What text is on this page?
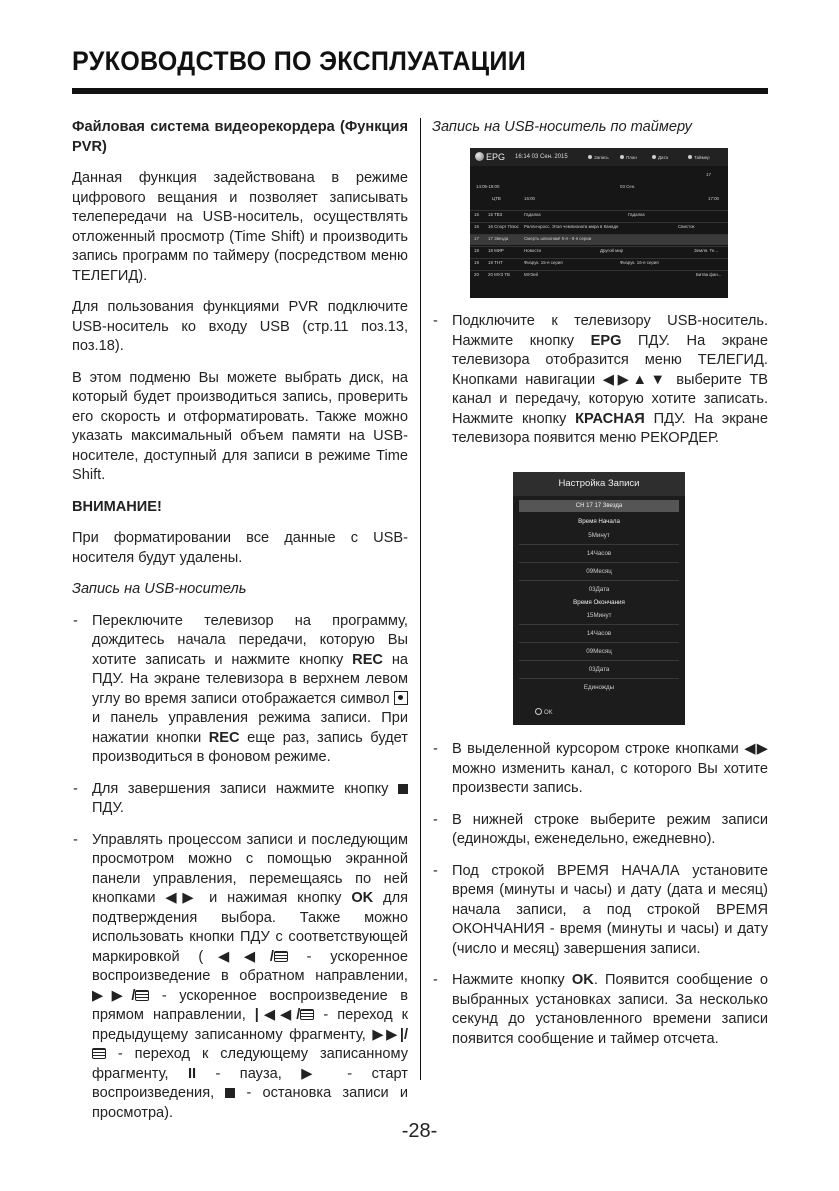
РУКОВОДСТВО ПО ЭКСПЛУАТАЦИИ

Файловая система видеорекордера (Функция PVR)

Данная функция задействована в режиме цифрового вещания и позволяет записывать телепередачи на USB-носитель, осуществлять отложенный просмотр (Time Shift) и производить запись программ по таймеру (посредством меню ТЕЛЕГИД).

Для пользования функциями PVR подключите USB-носитель ко входу USB (стр.11 поз.13, поз.18).

В этом подменю Вы можете выбрать диск, на который будет производиться запись, проверить его скорость и отформатировать. Также можно указать максимальный объем памяти на USB-носителе, доступный для записи в режиме Time Shift.

ВНИМАНИЕ!

При форматировании все данные с USB-носителя будут удалены.

Запись на USB-носитель

- Переключите телевизор на программу, дождитесь начала передачи, которую Вы хотите записать и нажмите кнопку REC на ПДУ. На экране телевизора в верхнем левом углу во время записи отображается символ  и панель управления режима записи. При нажатии кнопки REC еще раз, запись будет производиться в фоновом режиме.
- Для завершения записи нажмите кнопку  ПДУ.
- Управлять процессом записи и последующим просмотром можно с помощью экранной панели управления, перемещаясь по ней кнопками ◀▶ и нажимая кнопку OK для подтверждения выбора. Также можно использовать кнопки ПДУ с соответствующей маркировкой (◀◀/ - ускоренное воспроизведение в обратном направлении, ▶▶/ - ускоренное воспроизведение в прямом направлении, |◀◀/ - переход к предыдущему записанному фрагменту, ▶▶|/ - переход к следующему записанному фрагменту, II - пауза, ▶ - старт воспроизведения,  - остановка записи и просмотра).

Запись на USB-носитель по таймеру

EPG 16:14 03 Сен. 2015	Запись	План	Дата	Таймер
17
14:05-18:00	03 Сен.
ЦТВ	16:00	17:00
15 15 ТВ3	Гадалка	Гадалка
16 16 Спорт Плюс Ралли-кросс. Этап чемпионата мира в Канаде	Свисток
17 17 Звезда	Смерть шпионам! 5-я - 8-я серии
18 18 МИР	Новости	Другой мир	Земля. Те...
19 19 ТНТ	Физрук. 15-я серия	Физрук. 16-я серия
20 20 МУЗ ТВ	МУЗей	Битва фан...
- Подключите к телевизору USB-носитель. Нажмите кнопку EPG ПДУ. На экране телевизора отобразится меню ТЕЛЕГИД. Кнопками навигации ◀▶▲▼ выберите ТВ канал и передачу, которую хотите записать. Нажмите кнопку КРАСНАЯ ПДУ. На экране телевизора появится меню РЕКОРДЕР.
Настройка Записи
CH 17 17 Звезда
Время Начала
5Минут
14Часов
09Месяц
03Дата
Время Окончания
15Минут
14Часов
09Месяц
03Дата
Единожды
OK
- В выделенной курсором строке кнопками ◀▶ можно изменить канал, с которого Вы хотите произвести запись.
- В нижней строке выберите режим записи (единожды, еженедельно, ежедневно).
- Под строкой ВРЕМЯ НАЧАЛА установите время (минуты и часы) и дату (дата и месяц) начала записи, а под строкой ВРЕМЯ ОКОНЧАНИЯ - время (минуты и часы) и дату (число и месяц) завершения записи.
- Нажмите кнопку OK. Появится сообщение о выбранных установках записи. За несколько секунд до установленного времени записи появится сообщение и таймер отсчета.
-28-
